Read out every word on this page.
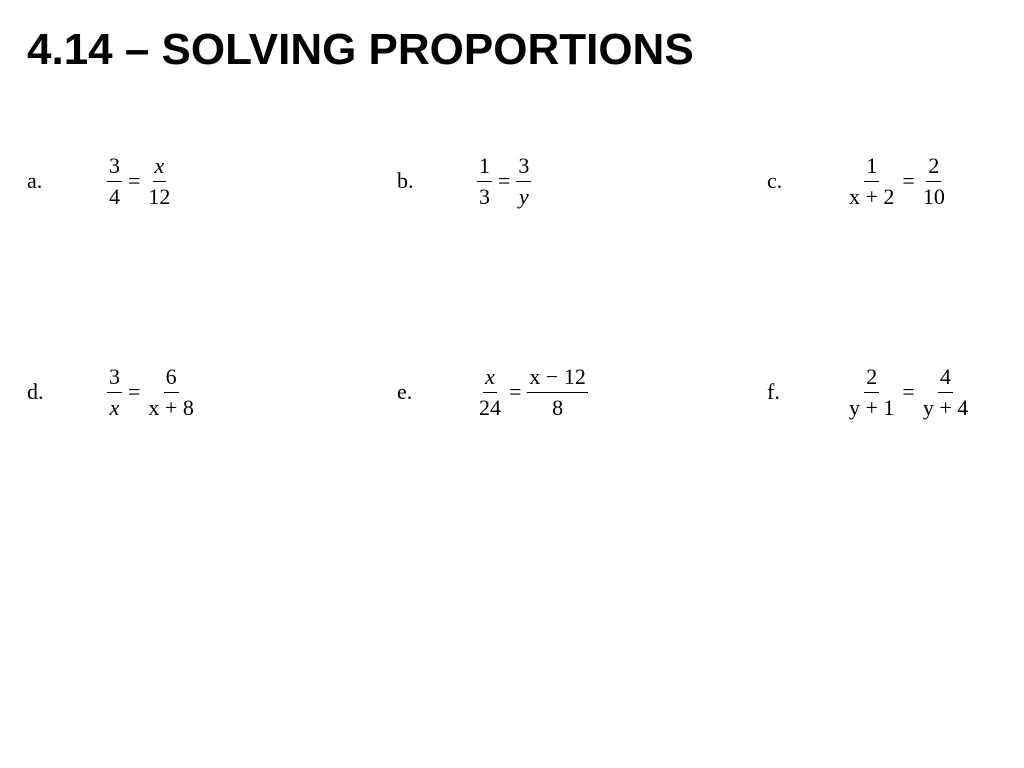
4.14 – SOLVING PROPORTIONS
a.	$\frac{3}{4} = \frac{x}{12}$	b.	$\frac{1}{3} = \frac{3}{y}$	c.	$\frac{1}{x + 2} = \frac{2}{10}$
d.	$\frac{3}{x} = \frac{6}{x + 8}$	e.	$\frac{x}{24} = \frac{x - 12}{8}$	f.	$\frac{2}{y + 1} = \frac{4}{y + 4}$
